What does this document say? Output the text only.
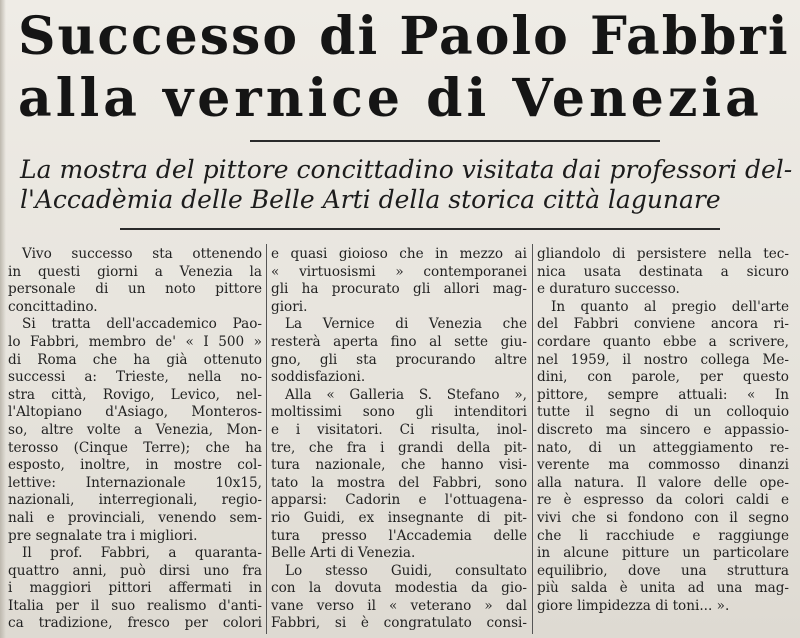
Successo di Paolo Fabbri
alla vernice di Venezia
La mostra del pittore concittadino visitata dai professori del-
l'Accadèmia delle Belle Arti della storica città lagunare
Vivo successo sta ottenendo
in questi giorni a Venezia la
personale di un noto pittore
concittadino.
Si tratta dell'accademico Pao-
lo Fabbri, membro de' « I 500 »
di Roma che ha già ottenuto
successi a: Trieste, nella no-
stra città, Rovigo, Levico, nel-
l'Altopiano d'Asiago, Monteros-
so, altre volte a Venezia, Mon-
terosso (Cinque Terre); che ha
esposto, inoltre, in mostre col-
lettive: Internazionale 10x15,
nazionali, interregionali, regio-
nali e provinciali, venendo sem-
pre segnalate tra i migliori.
Il prof. Fabbri, a quaranta-
quattro anni, può dirsi uno fra
i maggiori pittori affermati in
Italia per il suo realismo d'anti-
ca tradizione, fresco per colori
e quasi gioioso che in mezzo ai
« virtuosismi » contemporanei
gli ha procurato gli allori mag-
giori.
La Vernice di Venezia che
resterà aperta fino al sette giu-
gno, gli sta procurando altre
soddisfazioni.
Alla « Galleria S. Stefano »,
moltissimi sono gli intenditori
e i visitatori. Ci risulta, inol-
tre, che fra i grandi della pit-
tura nazionale, che hanno visi-
tato la mostra del Fabbri, sono
apparsi: Cadorin e l'ottuagena-
rio Guidi, ex insegnante di pit-
tura presso l'Accademia delle
Belle Arti di Venezia.
Lo stesso Guidi, consultato
con la dovuta modestia da gio-
vane verso il « veterano » dal
Fabbri, si è congratulato consi-
gliandolo di persistere nella tec-
nica usata destinata a sicuro
e duraturo successo.
In quanto al pregio dell'arte
del Fabbri conviene ancora ri-
cordare quanto ebbe a scrivere,
nel 1959, il nostro collega Me-
dini, con parole, per questo
pittore, sempre attuali: « In
tutte il segno di un colloquio
discreto ma sincero e appassio-
nato, di un atteggiamento re-
verente ma commosso dinanzi
alla natura. Il valore delle ope-
re è espresso da colori caldi e
vivi che si fondono con il segno
che li racchiude e raggiunge
in alcune pitture un particolare
equilibrio, dove una struttura
più salda è unita ad una mag-
giore limpidezza di toni... ».
